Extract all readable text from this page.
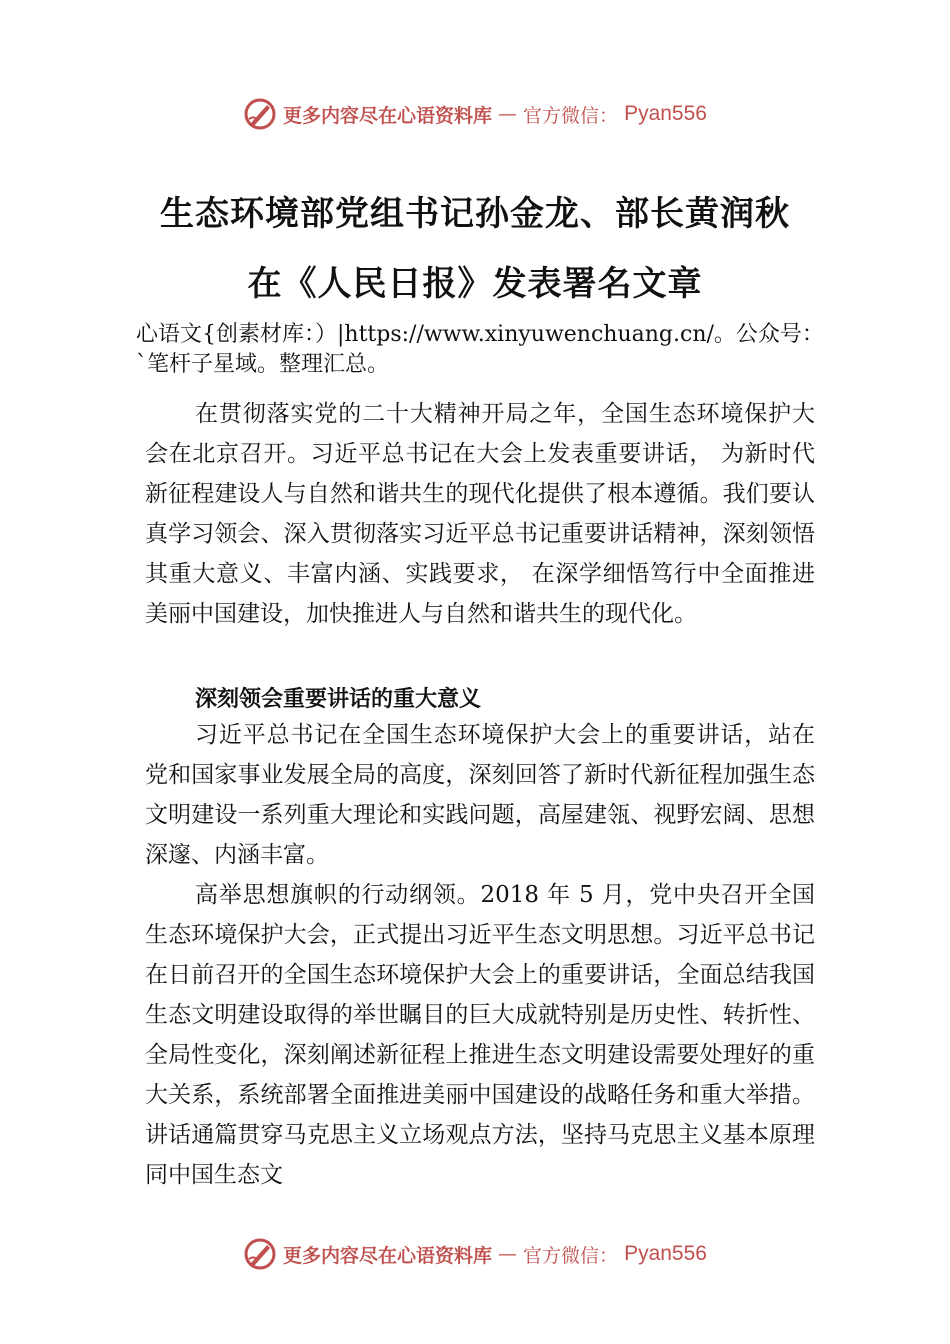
更多内容尽在心语资料库 — 官方微信： Pyan556
生态环境部党组书记孙金龙、部长黄润秋
在《人民日报》发表署名文章
心语文{创素材库：）|https://www.xinyuwenchuang.cn/。公众号：`笔杆子星域。整理汇总。
在贯彻落实党的二十大精神开局之年，全国生态环境保护大会在北京召开。习近平总书记在大会上发表重要讲话， 为新时代新征程建设人与自然和谐共生的现代化提供了根本遵循。我们要认真学习领会、深入贯彻落实习近平总书记重要讲话精神，深刻领悟其重大意义、丰富内涵、实践要求， 在深学细悟笃行中全面推进美丽中国建设，加快推进人与自然和谐共生的现代化。
深刻领会重要讲话的重大意义
习近平总书记在全国生态环境保护大会上的重要讲话，站在党和国家事业发展全局的高度，深刻回答了新时代新征程加强生态文明建设一系列重大理论和实践问题，高屋建瓴、视野宏阔、思想深邃、内涵丰富。
高举思想旗帜的行动纲领。2018 年 5 月，党中央召开全国生态环境保护大会，正式提出习近平生态文明思想。习近平总书记在日前召开的全国生态环境保护大会上的重要讲话，全面总结我国生态文明建设取得的举世瞩目的巨大成就特别是历史性、转折性、全局性变化，深刻阐述新征程上推进生态文明建设需要处理好的重大关系，系统部署全面推进美丽中国建设的战略任务和重大举措。讲话通篇贯穿马克思主义立场观点方法，坚持马克思主义基本原理同中国生态文
更多内容尽在心语资料库 — 官方微信： Pyan556
